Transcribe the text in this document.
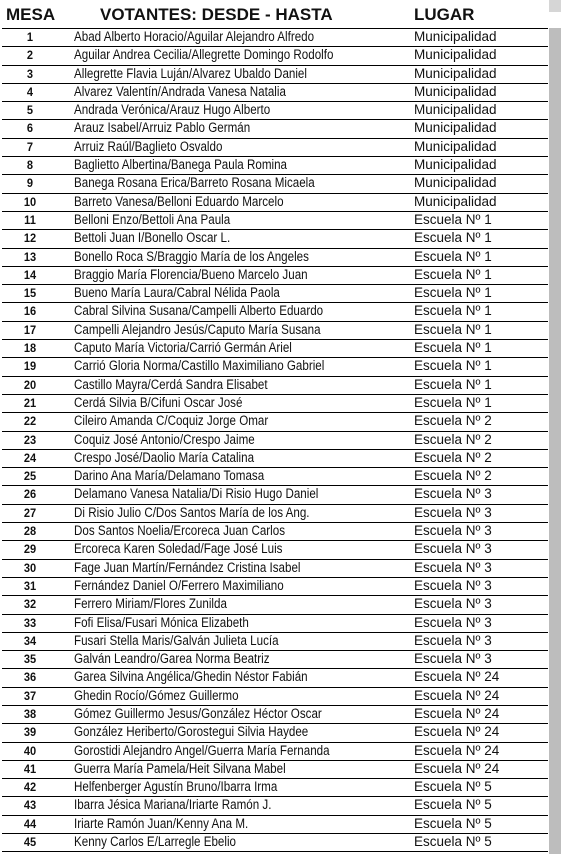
MESA	VOTANTES: DESDE - HASTA	LUGAR
1	Abad Alberto Horacio/Aguilar Alejandro Alfredo	Municipalidad
2	Aguilar Andrea Cecilia/Allegrette Domingo Rodolfo	Municipalidad
3	Allegrette Flavia Luján/Alvarez Ubaldo Daniel	Municipalidad
4	Alvarez Valentín/Andrada Vanesa Natalia	Municipalidad
5	Andrada Verónica/Arauz Hugo Alberto	Municipalidad
6	Arauz Isabel/Arruiz Pablo Germán	Municipalidad
7	Arruiz Raúl/Baglieto Osvaldo	Municipalidad
8	Baglietto Albertina/Banega Paula Romina	Municipalidad
9	Banega Rosana Erica/Barreto Rosana Micaela	Municipalidad
10	Barreto Vanesa/Belloni Eduardo Marcelo	Municipalidad
11	Belloni Enzo/Bettoli Ana Paula	Escuela Nº 1
12	Bettoli Juan I/Bonello Oscar L.	Escuela Nº 1
13	Bonello Roca S/Braggio María de los Angeles	Escuela Nº 1
14	Braggio María Florencia/Bueno Marcelo Juan	Escuela Nº 1
15	Bueno María Laura/Cabral Nélida Paola	Escuela Nº 1
16	Cabral Silvina Susana/Campelli Alberto Eduardo	Escuela Nº 1
17	Campelli Alejandro Jesús/Caputo María Susana	Escuela Nº 1
18	Caputo María Victoria/Carrió Germán Ariel	Escuela Nº 1
19	Carrió Gloria Norma/Castillo Maximiliano Gabriel	Escuela Nº 1
20	Castillo Mayra/Cerdá Sandra Elisabet	Escuela Nº 1
21	Cerdá Silvia B/Cifuni Oscar José	Escuela Nº 1
22	Cileiro Amanda C/Coquiz Jorge Omar	Escuela Nº 2
23	Coquiz José Antonio/Crespo Jaime	Escuela Nº 2
24	Crespo José/Daolio María Catalina	Escuela Nº 2
25	Darino Ana María/Delamano Tomasa	Escuela Nº 2
26	Delamano Vanesa Natalia/Di Risio Hugo Daniel	Escuela Nº 3
27	Di Risio Julio C/Dos Santos María de los Ang.	Escuela Nº 3
28	Dos Santos Noelia/Ercoreca Juan Carlos	Escuela Nº 3
29	Ercoreca Karen Soledad/Fage José Luis	Escuela Nº 3
30	Fage Juan Martín/Fernández Cristina Isabel	Escuela Nº 3
31	Fernández Daniel O/Ferrero Maximiliano	Escuela Nº 3
32	Ferrero Miriam/Flores Zunilda	Escuela Nº 3
33	Fofi Elisa/Fusari Mónica Elizabeth	Escuela Nº 3
34	Fusari Stella Maris/Galván Julieta Lucía	Escuela Nº 3
35	Galván Leandro/Garea Norma Beatriz	Escuela Nº 3
36	Garea Silvina Angélica/Ghedin Néstor Fabián	Escuela Nº 24
37	Ghedin Rocío/Gómez Guillermo	Escuela Nº 24
38	Gómez Guillermo Jesus/González Héctor Oscar	Escuela Nº 24
39	González Heriberto/Gorostegui Silvia Haydee	Escuela Nº 24
40	Gorostidi Alejandro Angel/Guerra María Fernanda	Escuela Nº 24
41	Guerra María Pamela/Heit Silvana Mabel	Escuela Nº 24
42	Helfenberger Agustín Bruno/Ibarra Irma	Escuela Nº 5
43	Ibarra Jésica Mariana/Iriarte Ramón J.	Escuela Nº 5
44	Iriarte Ramón Juan/Kenny Ana M.	Escuela Nº 5
45	Kenny Carlos E/Larregle Ebelio	Escuela Nº 5
